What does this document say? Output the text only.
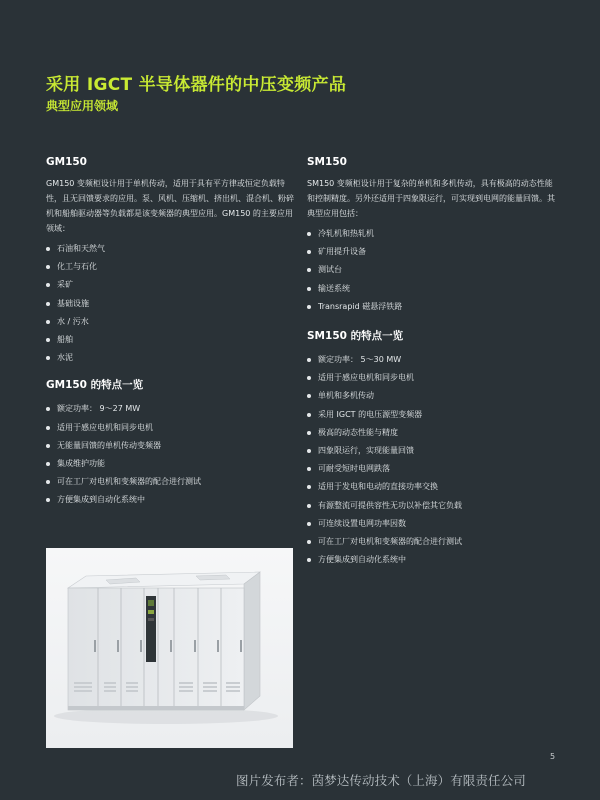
采用 IGCT 半导体器件的中压变频产品
典型应用领域
GM150
GM150 变频柜设计用于单机传动，适用于具有平方律或恒定负载特性，且无回馈要求的应用。泵、风机、压缩机、挤出机、混合机、粉碎机和船舶驱动器等负载都是该变频器的典型应用。GM150 的主要应用领域：
石油和天然气
化工与石化
采矿
基础设施
水 / 污水
船舶
水泥
GM150 的特点一览
额定功率： 9～27 MW
适用于感应电机和同步电机
无能量回馈的单机传动变频器
集成维护功能
可在工厂对电机和变频器的配合进行测试
方便集成到自动化系统中
SM150
SM150 变频柜设计用于复杂的单机和多机传动，具有极高的动态性能和控制精度。另外还适用于四象限运行，可实现到电网的能量回馈。其典型应用包括：
冷轧机和热轧机
矿用提升设备
测试台
输送系统
Transrapid 磁悬浮铁路
SM150 的特点一览
额定功率： 5～30 MW
适用于感应电机和同步电机
单机和多机传动
采用 IGCT 的电压源型变频器
极高的动态性能与精度
四象限运行，实现能量回馈
可耐受短时电网跌落
适用于发电和电动的直接功率交换
有源整流可提供容性无功以补偿其它负载
可连续设置电网功率因数
可在工厂对电机和变频器的配合进行测试
方便集成到自动化系统中
5
图片发布者：茵梦达传动技术（上海）有限责任公司
